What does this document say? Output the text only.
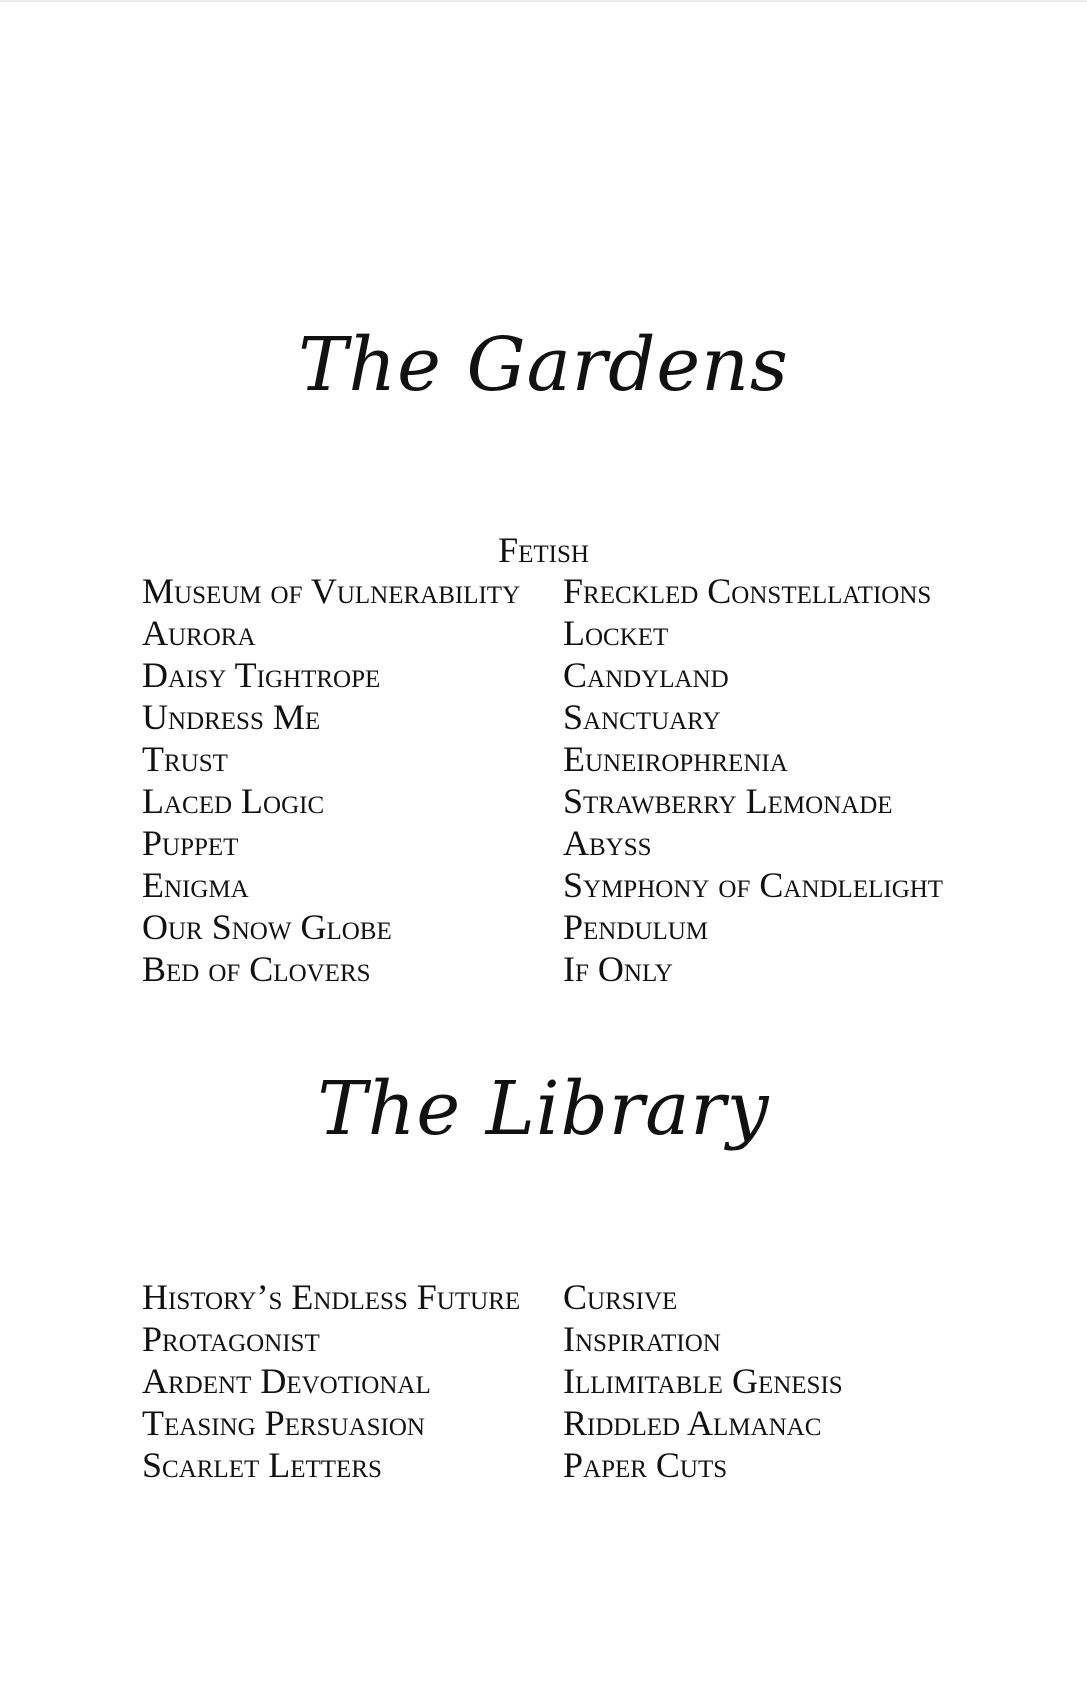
The Gardens
Fetish
Museum of Vulnerability
Aurora
Daisy Tightrope
Undress Me
Trust
Laced Logic
Puppet
Enigma
Our Snow Globe
Bed of Clovers
Freckled Constellations
Locket
Candyland
Sanctuary
Euneirophrenia
Strawberry Lemonade
Abyss
Symphony of Candlelight
Pendulum
If Only
The Library
History’s Endless Future
Protagonist
Ardent Devotional
Teasing Persuasion
Scarlet Letters
Cursive
Inspiration
Illimitable Genesis
Riddled Almanac
Paper Cuts
